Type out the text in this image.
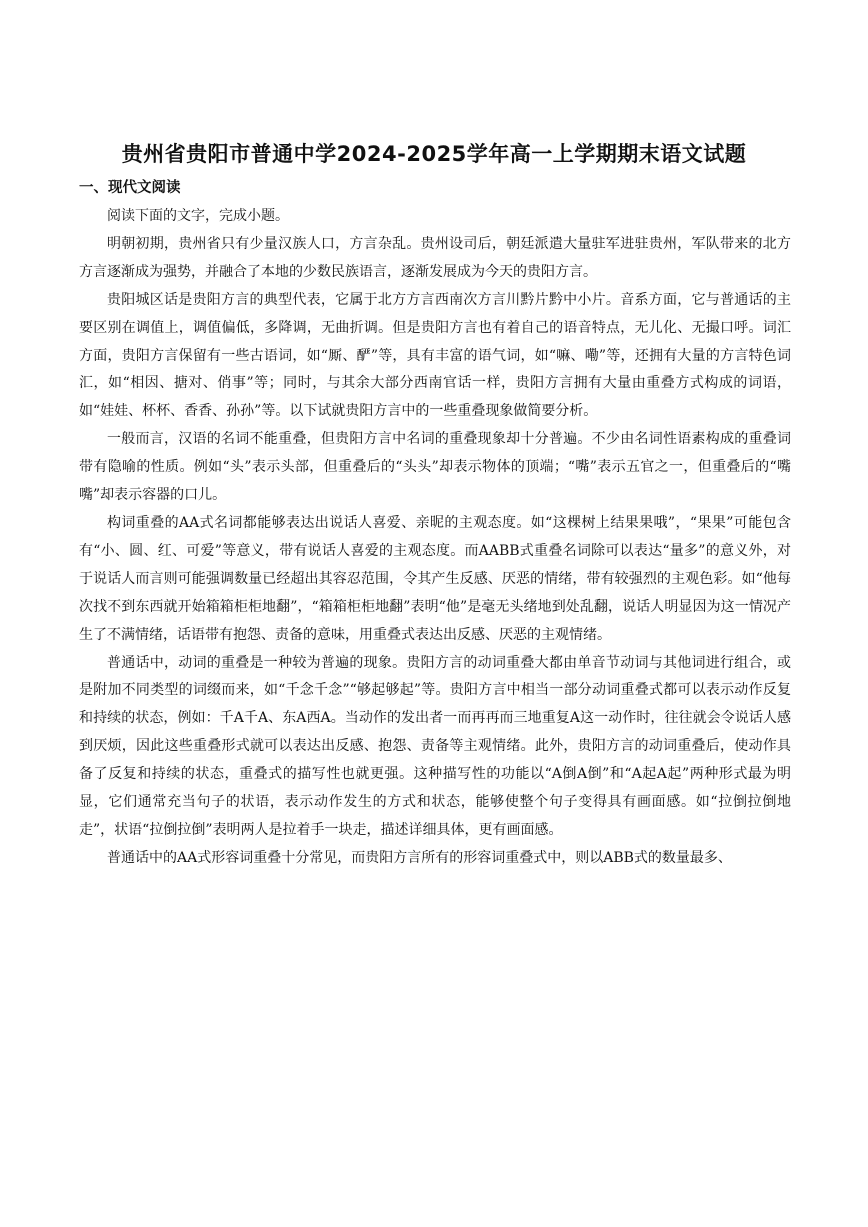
贵州省贵阳市普通中学2024-2025学年高一上学期期末语文试题
一、现代文阅读

阅读下面的文字，完成小题。

明朝初期，贵州省只有少量汉族人口，方言杂乱。贵州设司后，朝廷派遣大量驻军进驻贵州，军队带来的北方方言逐渐成为强势，并融合了本地的少数民族语言，逐渐发展成为今天的贵阳方言。

贵阳城区话是贵阳方言的典型代表，它属于北方方言西南次方言川黔片黔中小片。音系方面，它与普通话的主要区别在调值上，调值偏低，多降调，无曲折调。但是贵阳方言也有着自己的语音特点，无儿化、无撮口呼。词汇方面，贵阳方言保留有一些古语词，如“厮、酽”等，具有丰富的语气词，如“嘛、嘞”等，还拥有大量的方言特色词汇，如“相因、搪对、俏事”等；同时，与其余大部分西南官话一样，贵阳方言拥有大量由重叠方式构成的词语，如“娃娃、杯杯、香香、孙孙”等。以下试就贵阳方言中的一些重叠现象做简要分析。

一般而言，汉语的名词不能重叠，但贵阳方言中名词的重叠现象却十分普遍。不少由名词性语素构成的重叠词带有隐喻的性质。例如“头”表示头部，但重叠后的“头头”却表示物体的顶端；“嘴”表示五官之一，但重叠后的“嘴嘴”却表示容器的口儿。

构词重叠的AA式名词都能够表达出说话人喜爱、亲昵的主观态度。如“这棵树上结果果哦”，“果果”可能包含有“小、圆、红、可爱”等意义，带有说话人喜爱的主观态度。而AABB式重叠名词除可以表达“量多”的意义外，对于说话人而言则可能强调数量已经超出其容忍范围，令其产生反感、厌恶的情绪，带有较强烈的主观色彩。如“他每次找不到东西就开始箱箱柜柜地翻”，“箱箱柜柜地翻”表明“他”是毫无头绪地到处乱翻，说话人明显因为这一情况产生了不满情绪，话语带有抱怨、责备的意味，用重叠式表达出反感、厌恶的主观情绪。

普通话中，动词的重叠是一种较为普遍的现象。贵阳方言的动词重叠大都由单音节动词与其他词进行组合，或是附加不同类型的词缀而来，如“千念千念”“够起够起”等。贵阳方言中相当一部分动词重叠式都可以表示动作反复和持续的状态，例如：千A千A、东A西A。当动作的发出者一而再再而三地重复A这一动作时，往往就会令说话人感到厌烦，因此这些重叠形式就可以表达出反感、抱怨、责备等主观情绪。此外，贵阳方言的动词重叠后，使动作具备了反复和持续的状态，重叠式的描写性也就更强。这种描写性的功能以“A倒A倒”和“A起A起”两种形式最为明显，它们通常充当句子的状语，表示动作发生的方式和状态，能够使整个句子变得具有画面感。如“拉倒拉倒地走”，状语“拉倒拉倒”表明两人是拉着手一块走，描述详细具体，更有画面感。

普通话中的AA式形容词重叠十分常见，而贵阳方言所有的形容词重叠式中，则以ABB式的数量最多、
